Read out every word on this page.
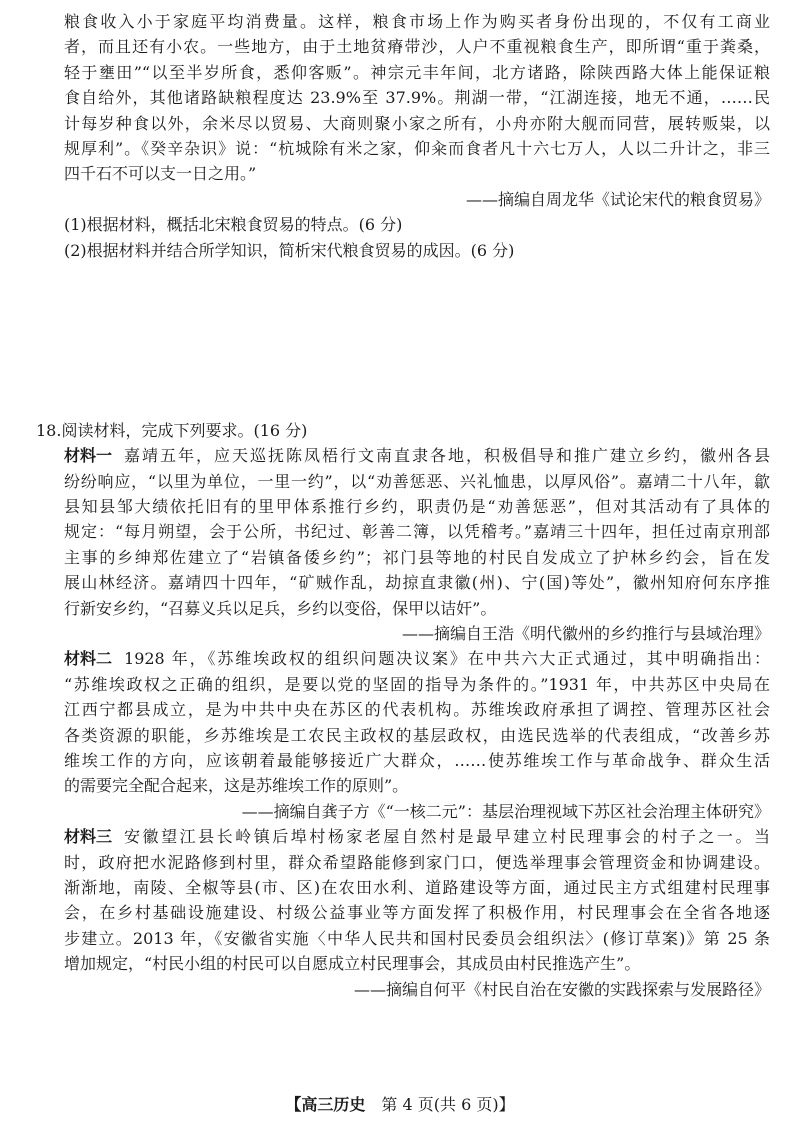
粮食收入小于家庭平均消费量。这样，粮食市场上作为购买者身份出现的，不仅有工商业
者，而且还有小农。一些地方，由于土地贫瘠带沙，人户不重视粮食生产，即所谓“重于粪桑，
轻于壅田”“以至半岁所食，悉仰客贩”。神宗元丰年间，北方诸路，除陕西路大体上能保证粮
食自给外，其他诸路缺粮程度达 23.9%至 37.9%。荆湖一带，“江湖连接，地无不通，……民
计每岁种食以外，余米尽以贸易、大商则聚小家之所有，小舟亦附大舰而同营，展转贩粜，以
规厚利”。《癸辛杂识》说：“杭城除有米之家，仰籴而食者凡十六七万人，人以二升计之，非三
四千石不可以支一日之用。”
——摘编自周龙华《试论宋代的粮食贸易》
(1)根据材料，概括北宋粮食贸易的特点。(6 分)
(2)根据材料并结合所学知识，简析宋代粮食贸易的成因。(6 分)
18.阅读材料，完成下列要求。(16 分)
材料一 嘉靖五年，应天巡抚陈凤梧行文南直隶各地，积极倡导和推广建立乡约，徽州各县
纷纷响应，“以里为单位，一里一约”，以“劝善惩恶、兴礼恤患，以厚风俗”。嘉靖二十八年，歙
县知县邹大绩依托旧有的里甲体系推行乡约，职责仍是“劝善惩恶”，但对其活动有了具体的
规定：“每月朔望，会于公所，书纪过、彰善二簿，以凭稽考。”嘉靖三十四年，担任过南京刑部
主事的乡绅郑佐建立了“岩镇备倭乡约”；祁门县等地的村民自发成立了护林乡约会，旨在发
展山林经济。嘉靖四十四年，“矿贼作乱，劫掠直隶徽(州)、宁(国)等处”，徽州知府何东序推
行新安乡约，“召募义兵以足兵，乡约以变俗，保甲以诘奸”。
——摘编自王浩《明代徽州的乡约推行与县域治理》
材料二 1928 年，《苏维埃政权的组织问题决议案》在中共六大正式通过，其中明确指出：
“苏维埃政权之正确的组织，是要以党的坚固的指导为条件的。”1931 年，中共苏区中央局在
江西宁都县成立，是为中共中央在苏区的代表机构。苏维埃政府承担了调控、管理苏区社会
各类资源的职能，乡苏维埃是工农民主政权的基层政权，由选民选举的代表组成，“改善乡苏
维埃工作的方向，应该朝着最能够接近广大群众，……使苏维埃工作与革命战争、群众生活
的需要完全配合起来，这是苏维埃工作的原则”。
——摘编自龚子方《“一核二元”：基层治理视域下苏区社会治理主体研究》
材料三 安徽望江县长岭镇后埠村杨家老屋自然村是最早建立村民理事会的村子之一。当
时，政府把水泥路修到村里，群众希望路能修到家门口，便选举理事会管理资金和协调建设。
渐渐地，南陵、全椒等县(市、区)在农田水利、道路建设等方面，通过民主方式组建村民理事
会，在乡村基础设施建设、村级公益事业等方面发挥了积极作用，村民理事会在全省各地逐
步建立。2013 年，《安徽省实施〈中华人民共和国村民委员会组织法〉(修订草案)》第 25 条
增加规定，“村民小组的村民可以自愿成立村民理事会，其成员由村民推选产生”。
——摘编自何平《村民自治在安徽的实践探索与发展路径》
【高三历史　 第 4 页(共 6 页)】
